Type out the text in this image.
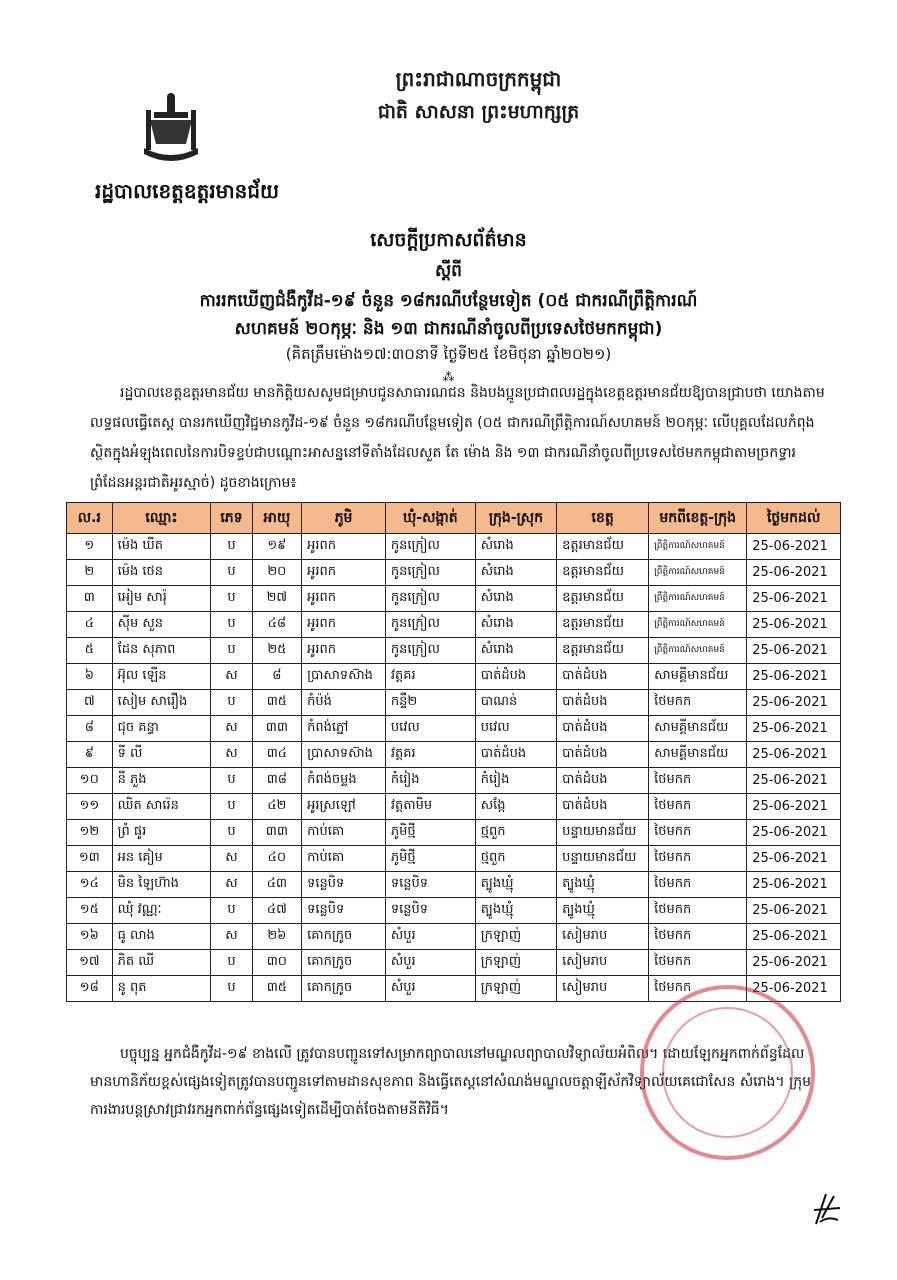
ព្រះរាជាណាចក្រកម្ពុជា
ជាតិ សាសនា ព្រះមហាក្សត្រ
រដ្ឋបាលខេត្តឧត្តរមានជ័យ
សេចក្តីប្រកាសព័ត៌មាន
ស្តីពី
ការរកឃើញជំងឺកូវីដ-១៩ ចំនួន ១៨ករណីបន្ថែមទៀត (០៥ ជាករណីព្រឹត្តិការណ៍
សហគមន៍ ២០កុម្ភៈ និង ១៣ ជាករណីនាំចូលពីប្រទេសថៃមកកម្ពុជា)
(គិតត្រឹមម៉ោង១៧:៣០នាទី ថ្ងៃទី២៥ ខែមិថុនា ឆ្នាំ២០២១)
⁂
រដ្ឋបាលខេត្តឧត្តរមានជ័យ មានកិត្តិយសសូមជម្រាបជូនសាធារណជន និងបងប្អូនប្រជាពលរដ្ឋក្នុងខេត្តឧត្តរមានជ័យឱ្យបានជ្រាបថា យោងតាមលទ្ធផលធ្វើតេស្ត បានរកឃើញវិជ្ជមានកូវីដ-១៩ ចំនួន ១៨ករណីបន្ថែមទៀត (០៥ ជាករណីព្រឹត្តិការណ៍សហគមន៍ ២០កុម្ភៈ លើបុគ្គលដែលកំពុងស្ថិតក្នុងអំឡុងពេលនៃការបិទខ្ទប់ជាបណ្តោះអាសន្ននៅទីតាំងដែលសួត តែ ម៉ោង និង ១៣ ជាករណីនាំចូលពីប្រទេសថៃមកកម្ពុជាតាមច្រកទ្វារព្រំដែនអន្តរជាតិអូរស្មាច់) ដូចខាងក្រោម៖
ល.រ	ឈ្មោះ	ភេទ	អាយុ	ភូមិ	ឃុំ-សង្កាត់	ក្រុង-ស្រុក	ខេត្ត	មកពីខេត្ត-ក្រុង	ថ្ងៃមកដល់
១	ម៉េង ឃីត	ប	១៩	អូរពក	កូនក្រៀល	សំរោង	ឧត្តរមានជ័យ	ព្រឹត្តិការណ៍សហគមន៍	25-06-2021
២	ម៉េង ថេន	ប	២០	អូរពក	កូនក្រៀល	សំរោង	ឧត្តរមានជ័យ	ព្រឹត្តិការណ៍សហគមន៍	25-06-2021
៣	អៀម សារ៉ុ	ប	២៧	អូរពក	កូនក្រៀល	សំរោង	ឧត្តរមានជ័យ	ព្រឹត្តិការណ៍សហគមន៍	25-06-2021
៤	ស៊ីម សួន	ប	៤៨	អូរពក	កូនក្រៀល	សំរោង	ឧត្តរមានជ័យ	ព្រឹត្តិការណ៍សហគមន៍	25-06-2021
៥	ដែន សុភាព	ប	២៥	អូរពក	កូនក្រៀល	សំរោង	ឧត្តរមានជ័យ	ព្រឹត្តិការណ៍សហគមន៍	25-06-2021
៦	អ៊ុល ឡើន	ស	៨	ប្រាសាទស៊ាង	វត្តគរ	បាត់ដំបង	បាត់ដំបង	សាមគ្គីមានជ័យ	25-06-2021
៧	សៀម សារឿង	ប	៣៥	កំប៉ង់	កន្ទឺ២	បាណន់	បាត់ដំបង	ថៃមកក	25-06-2021
៨	ជុច គន្ធា	ស	៣៣	កំពង់ភ្នៅ	បវេល	បវេល	បាត់ដំបង	សាមគ្គីមានជ័យ	25-06-2021
៩	ទី លី	ស	៣៤	ប្រាសាទស៊ាង	វត្តគរ	បាត់ដំបង	បាត់ដំបង	សាមគ្គីមានជ័យ	25-06-2021
១០	នី ភួង	ប	៣៨	កំពង់ចម្លង	កំរៀង	កំរៀង	បាត់ដំបង	ថៃមកក	25-06-2021
១១	ឈិត សារ៉េន	ប	៤២	អូរស្រឡៅ	វត្តតាមិម	សង្កែ	បាត់ដំបង	ថៃមកក	25-06-2021
១២	ព្រំ ផូរ	ប	៣៣	កាប់គោ	ភូមិថ្មី	ថ្មពួក	បន្ទាយមានជ័យ	ថៃមកក	25-06-2021
១៣	អន គៀម	ស	៤០	កាប់គោ	ភូមិថ្មី	ថ្មពួក	បន្ទាយមានជ័យ	ថៃមកក	25-06-2021
១៤	មិន ឡៃហ៊ាង	ស	៤៣	ទន្លេបិទ	ទន្លេបិទ	ត្បូងឃ្មុំ	ត្បូងឃ្មុំ	ថៃមកក	25-06-2021
១៥	ឈុំ វណ្ណៈ	ប	៤៧	ទន្លេបិទ	ទន្លេបិទ	ត្បូងឃ្មុំ	ត្បូងឃ្មុំ	ថៃមកក	25-06-2021
១៦	ធូ លាង	ស	២៦	គោកក្រូច	សំបួរ	ក្រឡាញ់	សៀមរាប	ថៃមកក	25-06-2021
១៧	ភិត ឈី	ប	៣០	គោកក្រូច	សំបួរ	ក្រឡាញ់	សៀមរាប	ថៃមកក	25-06-2021
១៨	នូ ពុត	ប	៣៥	គោកក្រូច	សំបួរ	ក្រឡាញ់	សៀមរាប	ថៃមកក	25-06-2021
បច្ចុប្បន្ន អ្នកជំងឺកូវីដ-១៩ ខាងលើ ត្រូវបានបញ្ជូនទៅសម្រាកព្យាបាលនៅមណ្ឌលព្យាបាលវិទ្យាល័យអំពិល។ ដោយឡែកអ្នកពាក់ព័ន្ធដែលមានហានិភ័យខ្ពស់ផ្សេងទៀតត្រូវបានបញ្ជូនទៅតាមដានសុខភាព និងធ្វើតេស្តនៅសំណង់មណ្ឌលចត្តាឡីស័កវិទ្យាល័យគេជោសែន សំរោង។ ក្រុមការងារបន្តស្រាវជ្រាវរកអ្នកពាក់ព័ន្ធផ្សេងទៀតដើម្បីបាត់ចែងតាមនីតិវិធី។
